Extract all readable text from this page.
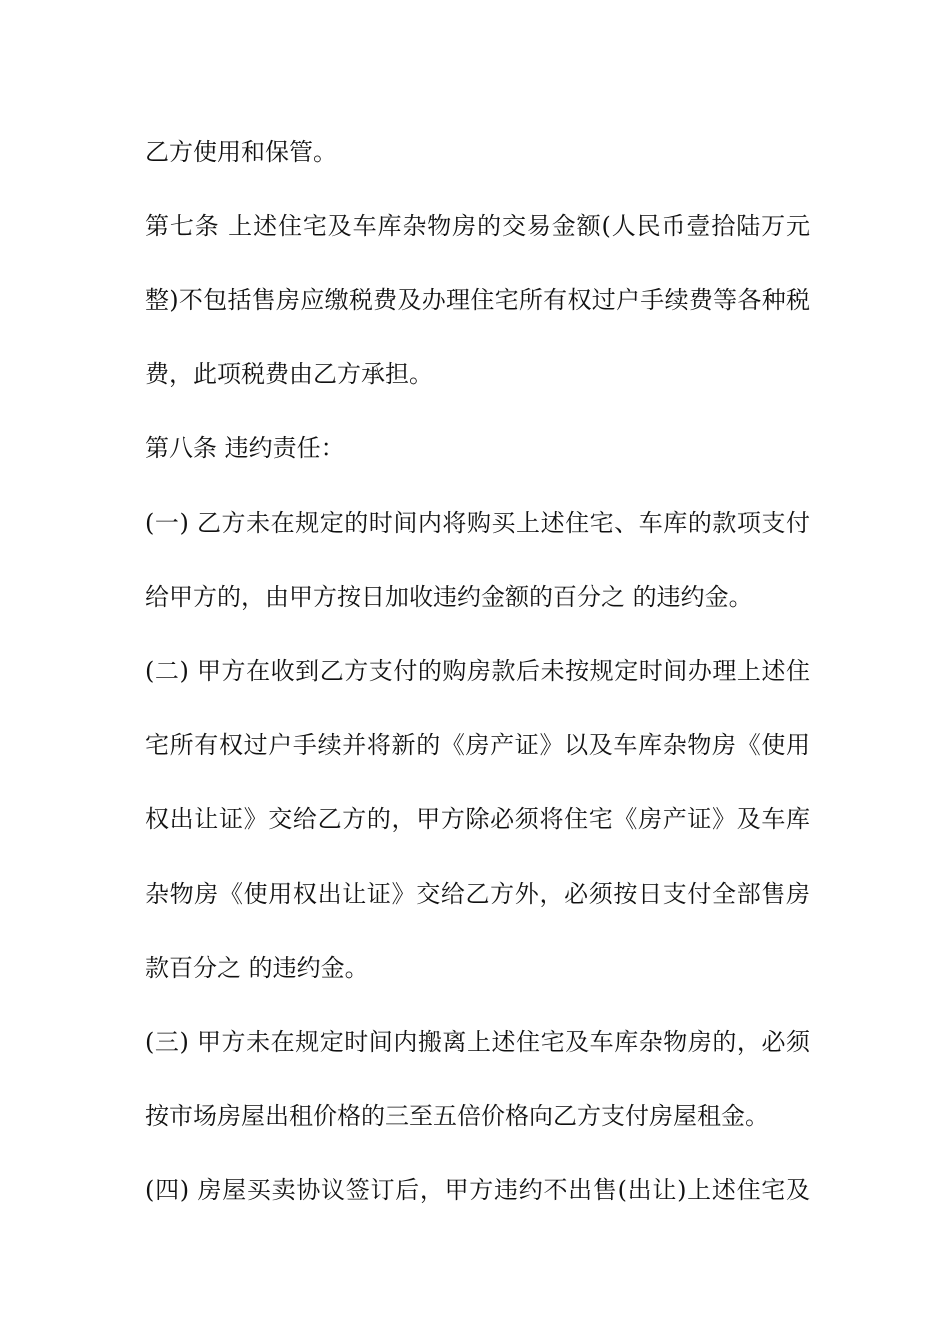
乙方使用和保管。
第七条 上述住宅及车库杂物房的交易金额(人民币壹拾陆万元
整)不包括售房应缴税费及办理住宅所有权过户手续费等各种税
费，此项税费由乙方承担。
第八条 违约责任：
(一) 乙方未在规定的时间内将购买上述住宅、车库的款项支付
给甲方的，由甲方按日加收违约金额的百分之 的违约金。
(二) 甲方在收到乙方支付的购房款后未按规定时间办理上述住
宅所有权过户手续并将新的《房产证》以及车库杂物房《使用
权出让证》交给乙方的，甲方除必须将住宅《房产证》及车库
杂物房《使用权出让证》交给乙方外，必须按日支付全部售房
款百分之 的违约金。
(三) 甲方未在规定时间内搬离上述住宅及车库杂物房的，必须
按市场房屋出租价格的三至五倍价格向乙方支付房屋租金。
(四) 房屋买卖协议签订后，甲方违约不出售(出让)上述住宅及
